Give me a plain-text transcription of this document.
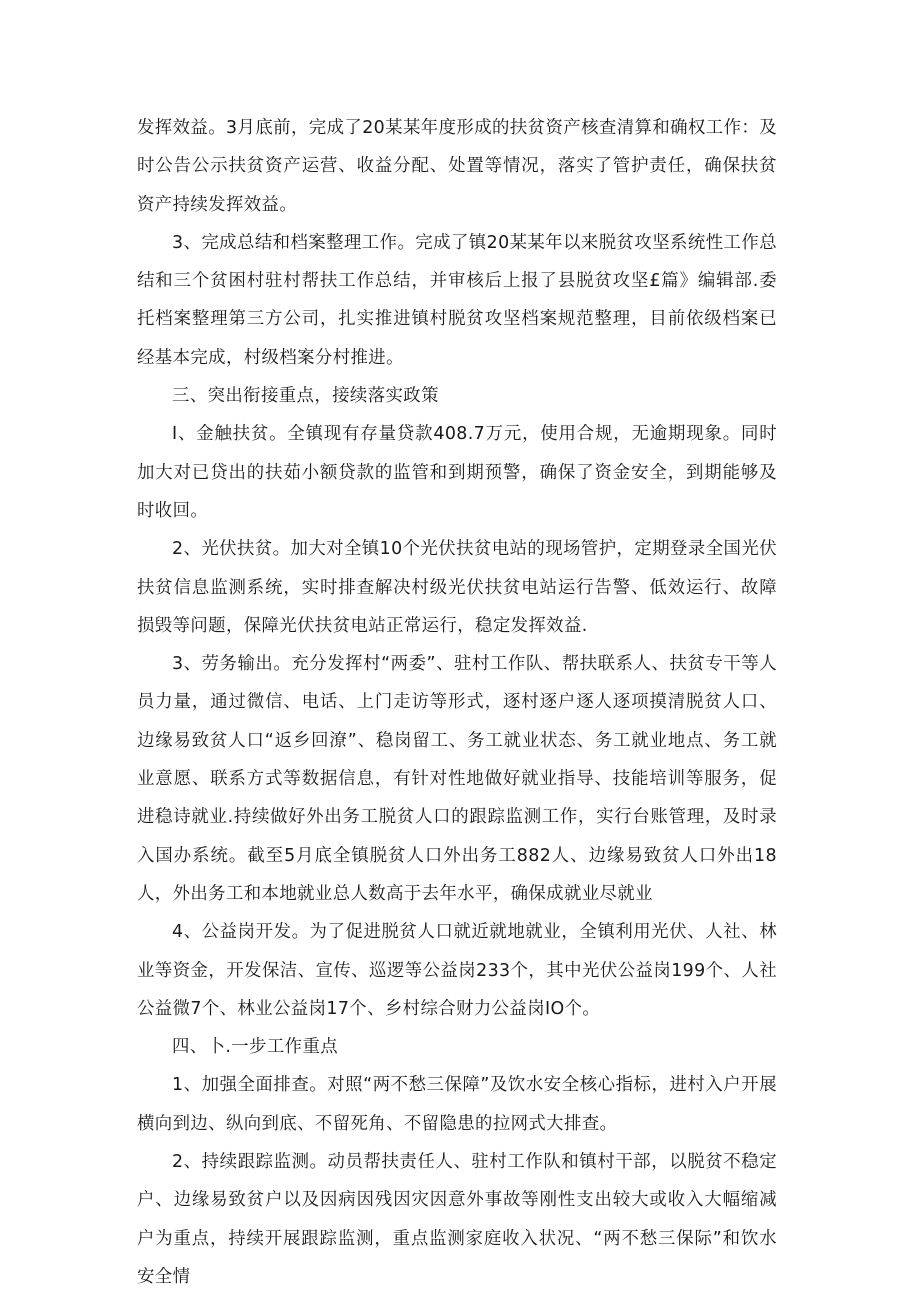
发挥效益。3月底前，完成了20某某年度形成的扶贫资产核查清算和确权工作：及时公告公示扶贫资产运营、收益分配、处置等情况，落实了管护责任，确保扶贫资产持续发挥效益。

3、完成总结和档案整理工作。完成了镇20某某年以来脱贫攻坚系统性工作总结和三个贫困村驻村帮扶工作总结，并审核后上报了县脱贫攻坚£篇》编辑部.委托档案整理第三方公司，扎实推进镇村脱贫攻坚档案规范整理，目前依级档案已经基本完成，村级档案分村推进。

三、突出衔接重点，接续落实政策

I、金触扶贫。全镇现有存量贷款408.7万元，使用合规，无逾期现象。同时加大对已贷出的扶茹小额贷款的监管和到期预警，确保了资金安全，到期能够及时收回。

2、光伏扶贫。加大对全镇10个光伏扶贫电站的现场管护，定期登录全国光伏扶贫信息监测系统，实时排查解决村级光伏扶贫电站运行告警、低效运行、故障损毁等问题，保障光伏扶贫电站正常运行，稳定发挥效益.

3、劳务输出。充分发挥村“两委”、驻村工作队、帮扶联系人、扶贫专干等人员力量，通过微信、电话、上门走访等形式，逐村逐户逐人逐项摸清脱贫人口、边缘易致贫人口“返乡回潦”、稳岗留工、务工就业状态、务工就业地点、务工就业意愿、联系方式等数据信息，有针对性地做好就业指导、技能培训等服务，促进稳诗就业.持续做好外出务工脱贫人口的跟踪监测工作，实行台账管理，及时录入国办系统。截至5月底全镇脱贫人口外出务工882人、边缘易致贫人口外出18人，外出务工和本地就业总人数高于去年水平，确保成就业尽就业

4、公益岗开发。为了促进脱贫人口就近就地就业，全镇利用光伏、人社、林业等资金，开发保洁、宣传、巡逻等公益岗233个，其中光伏公益岗199个、人社公益微7个、林业公益岗17个、乡村综合财力公益岗IO个。

四、卜.一步工作重点

1、加强全面排查。对照“两不愁三保障”及饮水安全核心指标，进村入户开展横向到边、纵向到底、不留死角、不留隐患的拉网式大排查。

2、持续跟踪监测。动员帮扶责任人、驻村工作队和镇村干部，以脱贫不稳定户、边缘易致贫户以及因病因残因灾因意外事故等刚性支出较大或收入大幅缩减户为重点，持续开展跟踪监测，重点监测家庭收入状况、“两不愁三保际”和饮水安全情
